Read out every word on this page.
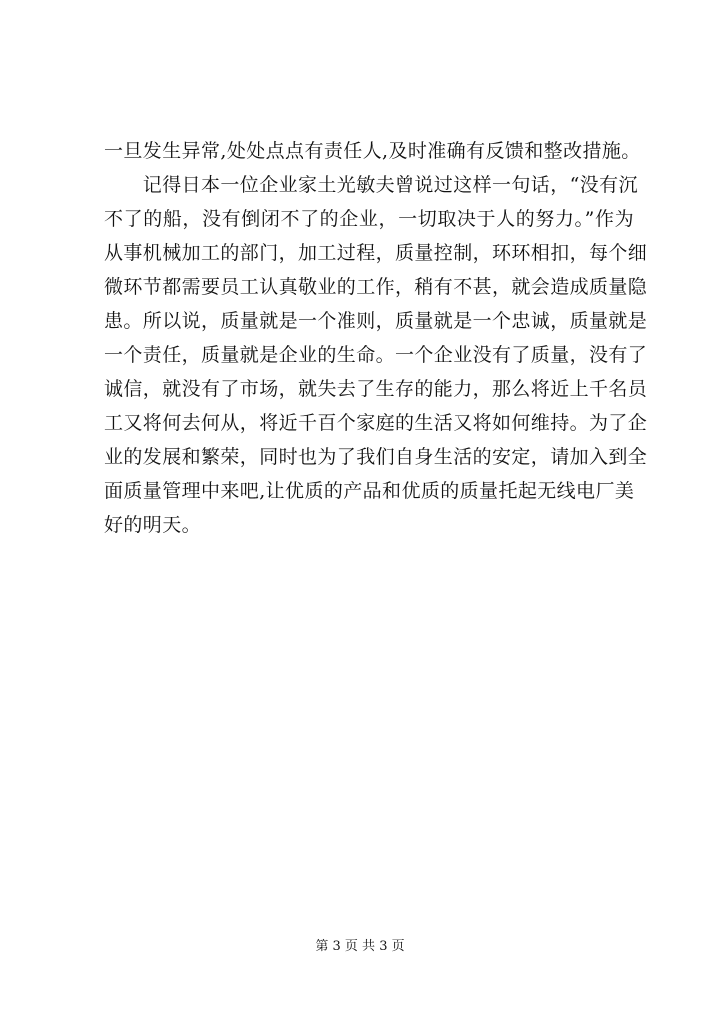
一旦发生异常,处处点点有责任人,及时准确有反馈和整改措施。
　　记得日本一位企业家土光敏夫曾说过这样一句话，“没有沉
不了的船，没有倒闭不了的企业，一切取决于人的努力。”作为
从事机械加工的部门，加工过程，质量控制，环环相扣，每个细
微环节都需要员工认真敬业的工作，稍有不甚，就会造成质量隐
患。所以说，质量就是一个准则，质量就是一个忠诚，质量就是
一个责任，质量就是企业的生命。一个企业没有了质量，没有了
诚信，就没有了市场，就失去了生存的能力，那么将近上千名员
工又将何去何从，将近千百个家庭的生活又将如何维持。为了企
业的发展和繁荣，同时也为了我们自身生活的安定，请加入到全
面质量管理中来吧,让优质的产品和优质的质量托起无线电厂美
好的明天。
第 3 页 共 3 页
